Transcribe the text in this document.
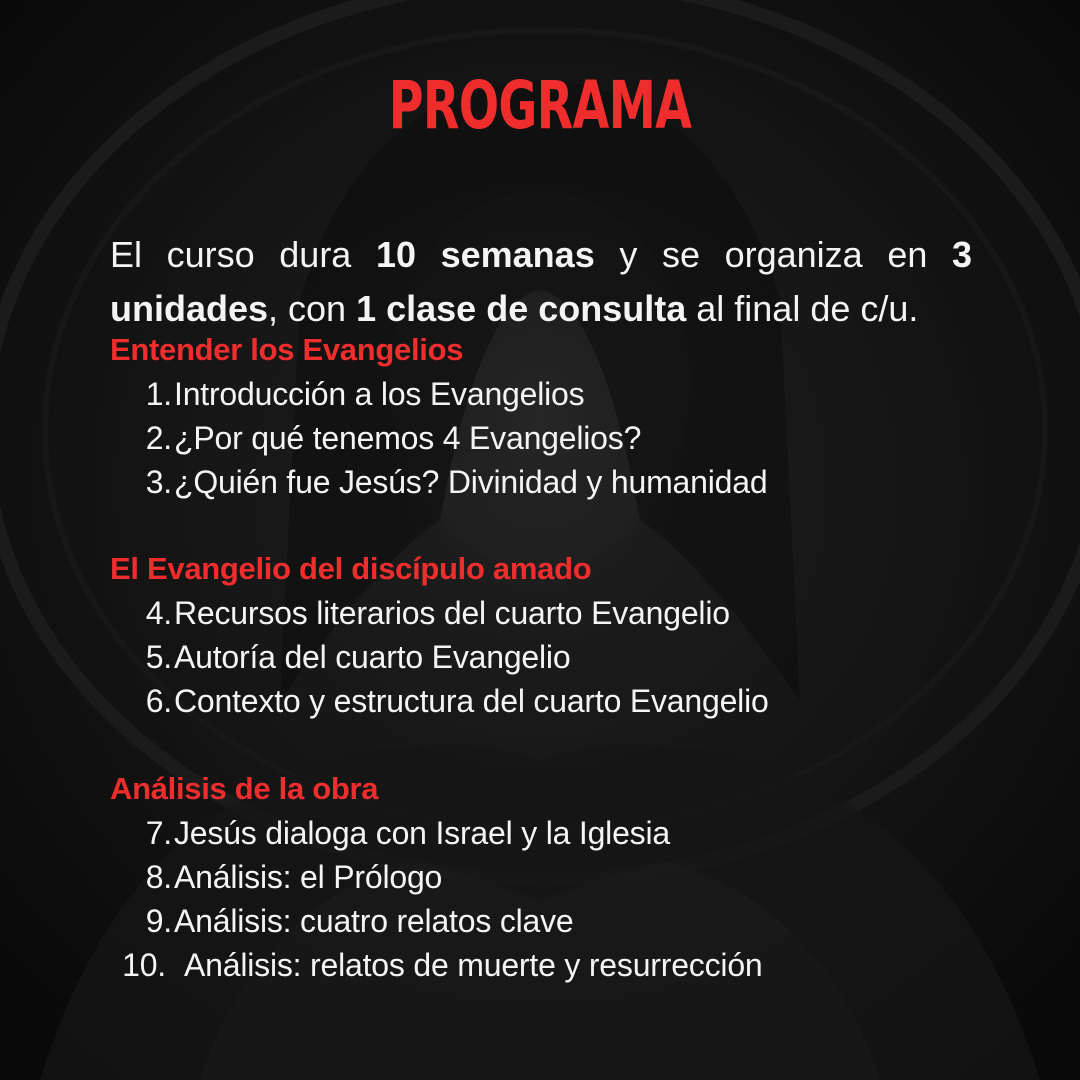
PROGRAMA

El curso dura 10 semanas y se organiza en 3 unidades, con 1 clase de consulta al final de c/u.

Entender los Evangelios
1. Introducción a los Evangelios
2. ¿Por qué tenemos 4 Evangelios?
3. ¿Quién fue Jesús? Divinidad y humanidad
El Evangelio del discípulo amado
4. Recursos literarios del cuarto Evangelio
5. Autoría del cuarto Evangelio
6. Contexto y estructura del cuarto Evangelio
Análisis de la obra
7. Jesús dialoga con Israel y la Iglesia
8. Análisis: el Prólogo
9. Análisis: cuatro relatos clave
10. Análisis: relatos de muerte y resurrección
